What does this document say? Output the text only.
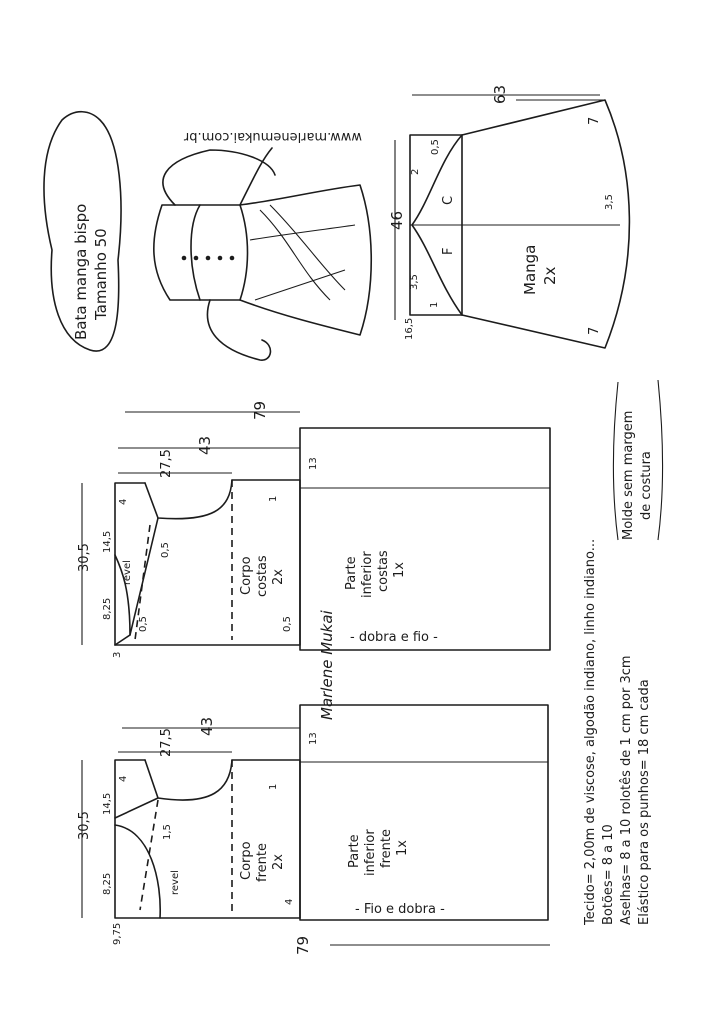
Bata manga bispo Tamanho 50
www.marlenemukai.com.br
Manga 2x
C
F
63
46
7
7
3,5
3,5
0,5
2
1
16,5
Corpo costas 2x	Parte inferior costas 1x
- dobra e fio -
revel
79
43
27,5
30,5
14,5
8,25
3
4
13
0,5
0,5	0,5
1
Marlene Mukai
Corpo frente 2x	Parte inferior frente 1x
- Fio e dobra -
revel
43
27,5
30,5
14,5
8,25
9,75
4
13
1,5
1
4
79
Molde sem margem de costura
Tecido= 2,00m de viscose, algodão indiano, linho indiano... Botões= 8 a 10 Aselhas= 8 a 10 rolotês de 1 cm por 3cm Elástico para os punhos= 18 cm cada
